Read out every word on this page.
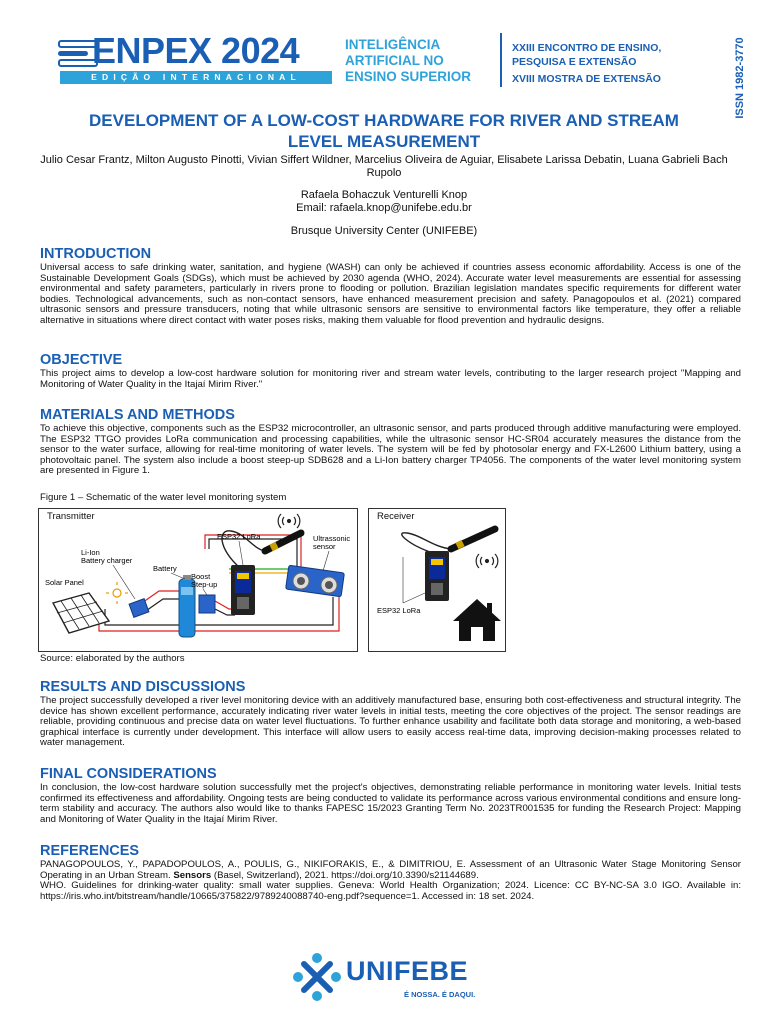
ENPEX 2024
EDIÇÃO INTERNACIONAL
INTELIGÊNCIA
ARTIFICIAL NO
ENSINO SUPERIOR
XXIII ENCONTRO DE ENSINO,
PESQUISA E EXTENSÃO
XVIII MOSTRA DE EXTENSÃO	ISSN 1982-3770
DEVELOPMENT OF A LOW-COST HARDWARE FOR RIVER AND STREAM LEVEL MEASUREMENT
Julio Cesar Frantz, Milton Augusto Pinotti, Vivian Siffert Wildner, Marcelius Oliveira de Aguiar, Elisabete Larissa Debatin, Luana Gabrieli Bach Rupolo
Rafaela Bohaczuk Venturelli Knop
Email: rafaela.knop@unifebe.edu.br
Brusque University Center (UNIFEBE)
INTRODUCTION

Universal access to safe drinking water, sanitation, and hygiene (WASH) can only be achieved if countries assess economic affordability. Access is one of the Sustainable Development Goals (SDGs), which must be achieved by 2030 agenda (WHO, 2024). Accurate water level measurements are essential for assessing environmental and safety parameters, particularly in rivers prone to flooding or pollution. Brazilian legislation mandates specific requirements for different water bodies. Technological advancements, such as non-contact sensors, have enhanced measurement precision and safety. Panagopoulos et al. (2021) compared ultrasonic sensors and pressure transducers, noting that while ultrasonic sensors are sensitive to environmental factors like temperature, they offer a reliable alternative in situations where direct contact with water poses risks, making them valuable for flood prevention and hydraulic designs.

OBJECTIVE

This project aims to develop a low-cost hardware solution for monitoring river and stream water levels, contributing to the larger research project "Mapping and Monitoring of Water Quality in the Itajaí Mirim River."

MATERIALS AND METHODS

To achieve this objective, components such as the ESP32 microcontroller, an ultrasonic sensor, and parts produced through additive manufacturing were employed. The ESP32 TTGO provides LoRa communication and processing capabilities, while the ultrasonic sensor HC-SR04 accurately measures the distance from the sensor to the water surface, allowing for real-time monitoring of water levels. The system will be fed by photosolar energy and FX-L2600 Lithium battery, using a photovoltaic panel. The system also include a boost steep-up SDB628 and a Li-Ion battery charger TP4056. The components of the water level monitoring system are presented in Figure 1.

Figure 1 – Schematic of the water level monitoring system
Transmitter
ESP32 LoRa	Ultrassonic
sensor
Li-Ion
Battery charger
Battery
Boost
Step-up
Solar Panel
Receiver
ESP32 LoRa
Source: elaborated by the authors
RESULTS AND DISCUSSIONS

The project successfully developed a river level monitoring device with an additively manufactured base, ensuring both cost-effectiveness and structural integrity. The device has shown excellent performance, accurately indicating river water levels in initial tests, meeting the core objectives of the project. The sensor readings are reliable, providing continuous and precise data on water level fluctuations. To further enhance usability and facilitate both data storage and monitoring, a web-based graphical interface is currently under development. This interface will allow users to easily access real-time data, improving decision-making processes related to water management.

FINAL CONSIDERATIONS

In conclusion, the low-cost hardware solution successfully met the project's objectives, demonstrating reliable performance in monitoring water levels. Initial tests confirmed its effectiveness and affordability. Ongoing tests are being conducted to validate its performance across various environmental conditions and ensure long-term stability and accuracy. The authors also would like to thanks FAPESC 15/2023 Granting Term No. 2023TR001535 for funding the Research Project: Mapping and Monitoring of Water Quality in the Itajaí Mirim River.

REFERENCES

PANAGOPOULOS, Y., PAPADOPOULOS, A., POULIS, G., NIKIFORAKIS, E., & DIMITRIOU, E. Assessment of an Ultrasonic Water Stage Monitoring Sensor Operating in an Urban Stream. Sensors (Basel, Switzerland), 2021. https://doi.org/10.3390/s21144689.

WHO. Guidelines for drinking-water quality: small water supplies. Geneva: World Health Organization; 2024. Licence: CC BY-NC-SA 3.0 IGO. Available in: https://iris.who.int/bitstream/handle/10665/375822/9789240088740-eng.pdf?sequence=1. Accessed in: 18 set. 2024.

UNIFEBE
É NOSSA. É DAQUI.
